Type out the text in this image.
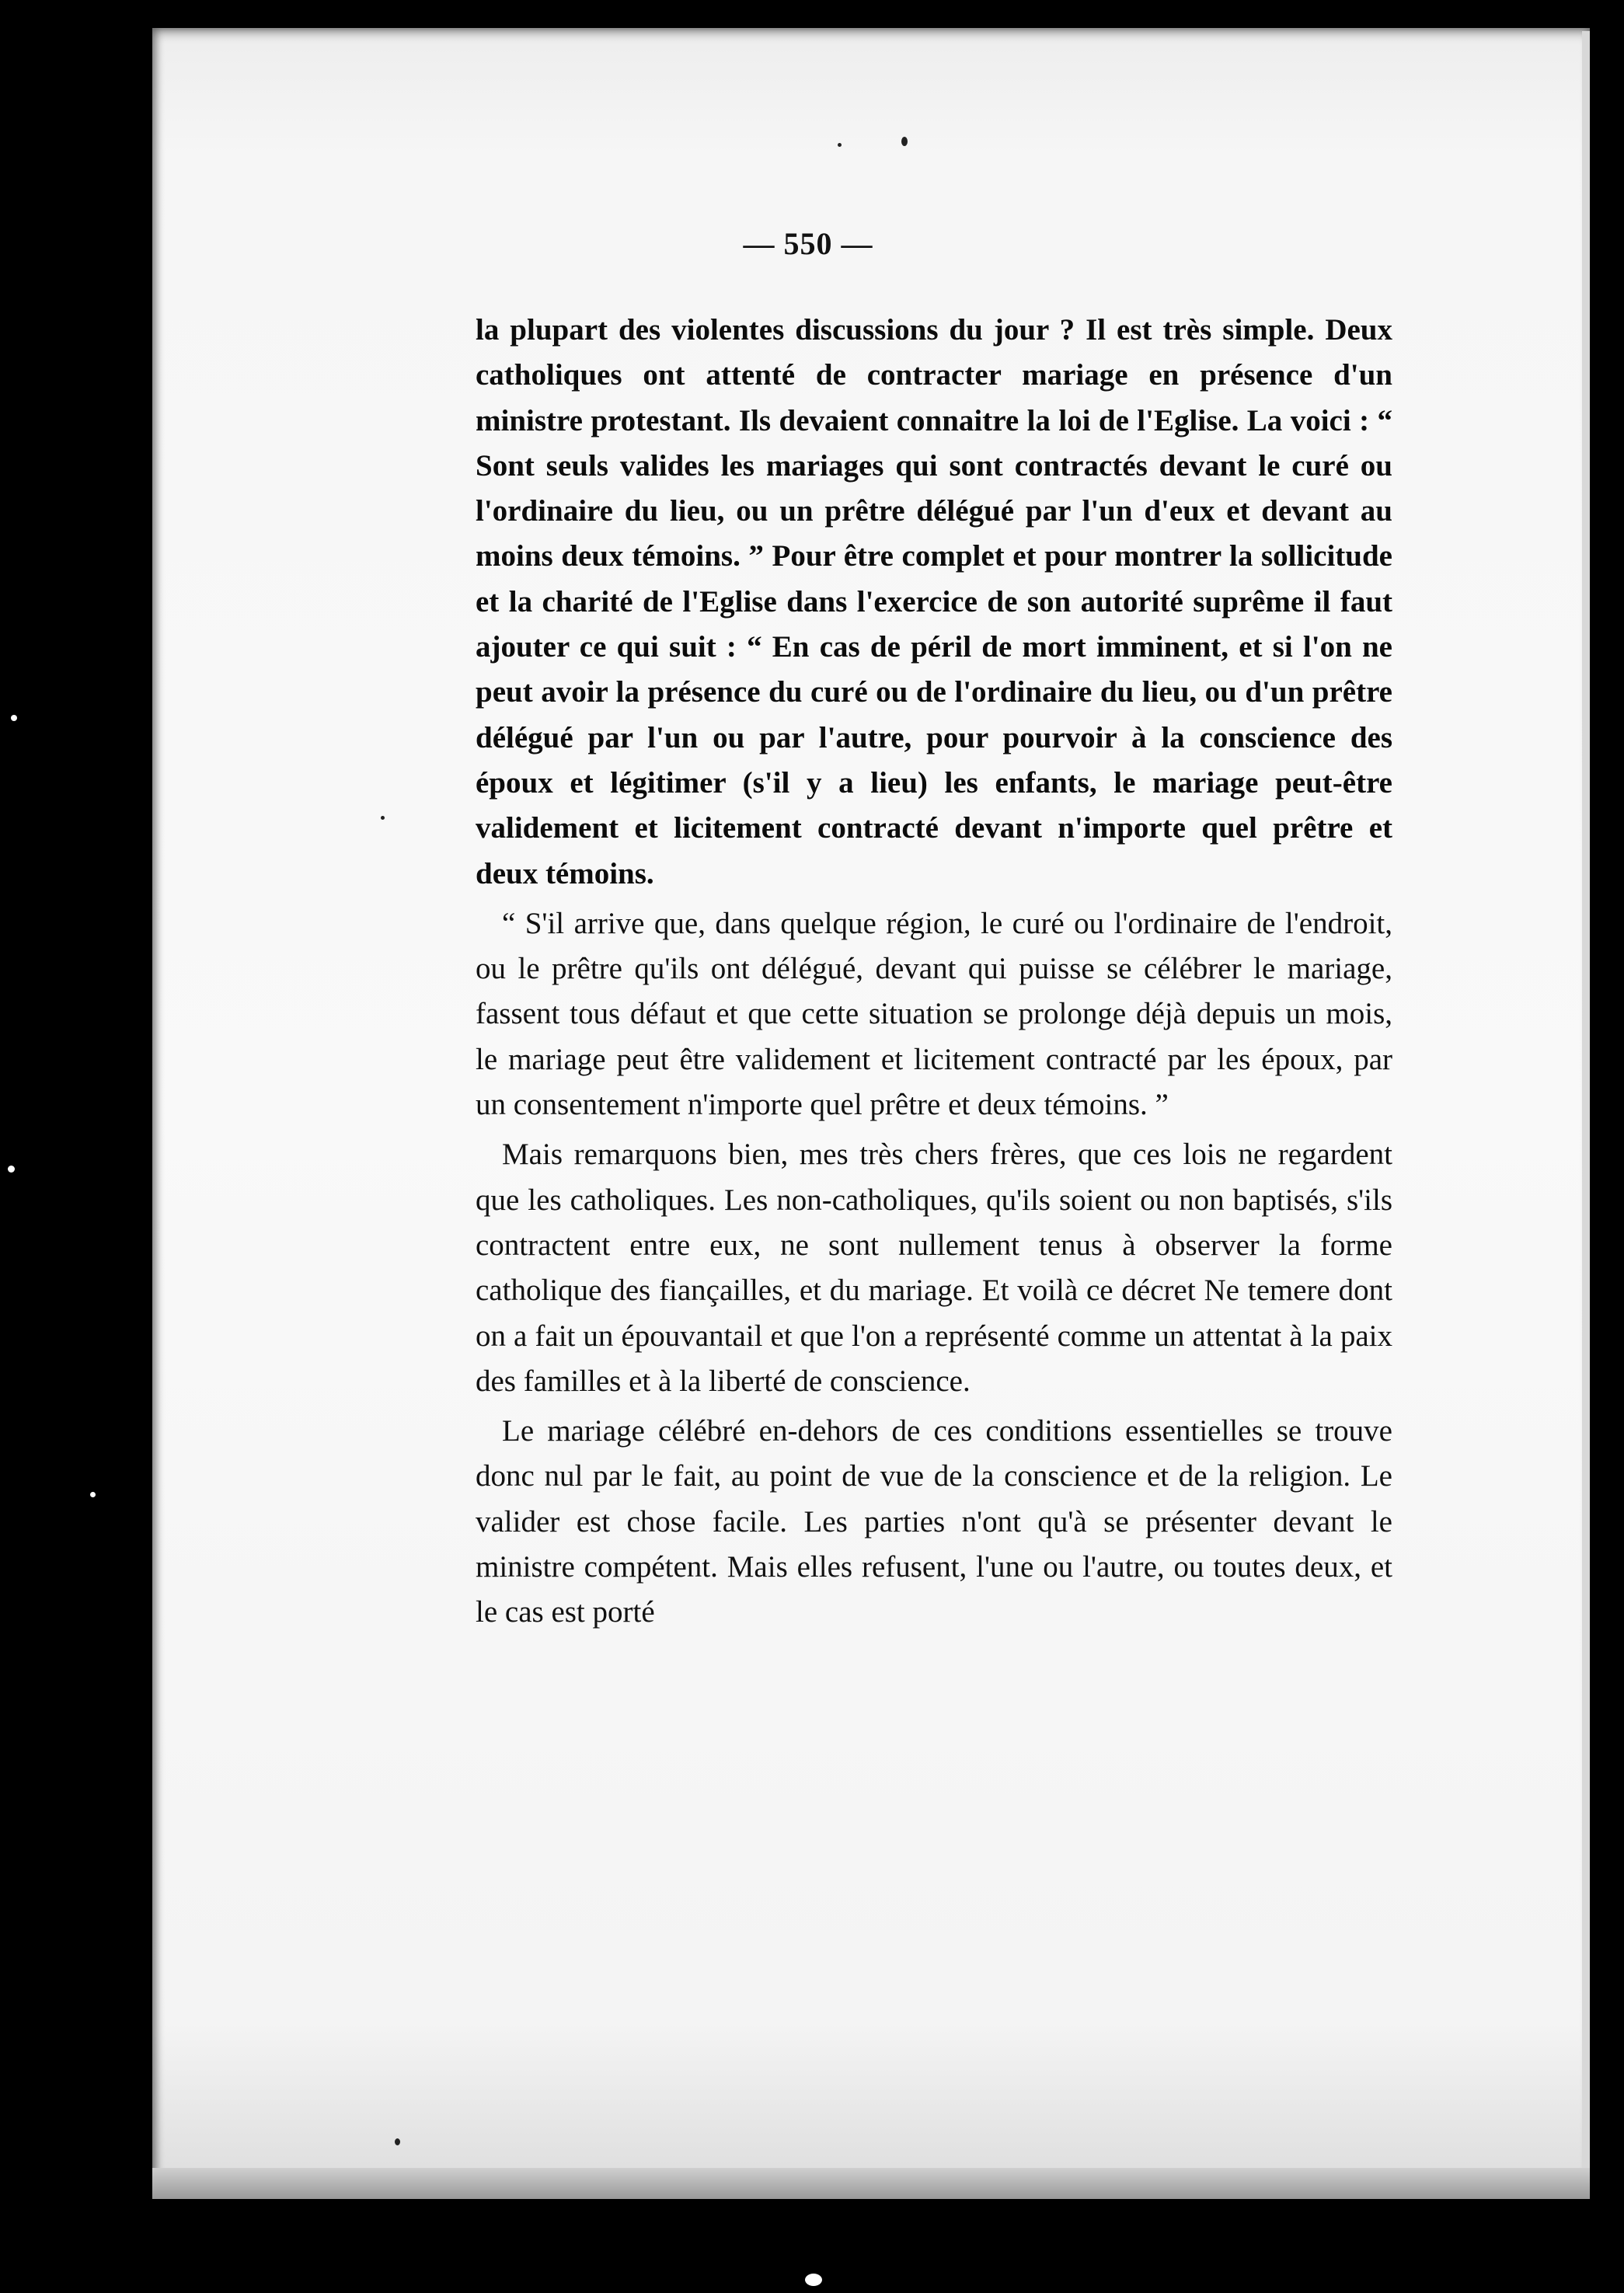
— 550 —

la plupart des violentes discussions du jour ? Il est très simple. Deux catholiques ont attenté de contracter mariage en présence d'un ministre protestant. Ils devaient connaitre la loi de l'Eglise. La voici : “ Sont seuls valides les mariages qui sont contractés devant le curé ou l'ordinaire du lieu, ou un prêtre délégué par l'un d'eux et devant au moins deux témoins. ” Pour être complet et pour montrer la sollicitude et la charité de l'Eglise dans l'exercice de son autorité suprême il faut ajouter ce qui suit : “ En cas de péril de mort imminent, et si l'on ne peut avoir la présence du curé ou de l'ordinaire du lieu, ou d'un prêtre délégué par l'un ou par l'autre, pour pourvoir à la conscience des époux et légitimer (s'il y a lieu) les enfants, le mariage peut-être validement et licitement contracté devant n'importe quel prêtre et deux témoins.

“ S'il arrive que, dans quelque région, le curé ou l'ordinaire de l'endroit, ou le prêtre qu'ils ont délégué, devant qui puisse se célébrer le mariage, fassent tous défaut et que cette situation se prolonge déjà depuis un mois, le mariage peut être validement et licitement contracté par les époux, par un consentement n'importe quel prêtre et deux témoins. ”

Mais remarquons bien, mes très chers frères, que ces lois ne regardent que les catholiques. Les non-catholiques, qu'ils soient ou non baptisés, s'ils contractent entre eux, ne sont nullement tenus à observer la forme catholique des fiançailles, et du mariage. Et voilà ce décret Ne temere dont on a fait un épouvantail et que l'on a représenté comme un attentat à la paix des familles et à la liberté de conscience.

Le mariage célébré en-dehors de ces conditions essentielles se trouve donc nul par le fait, au point de vue de la conscience et de la religion. Le valider est chose facile. Les parties n'ont qu'à se présenter devant le ministre compétent. Mais elles refusent, l'une ou l'autre, ou toutes deux, et le cas est porté
